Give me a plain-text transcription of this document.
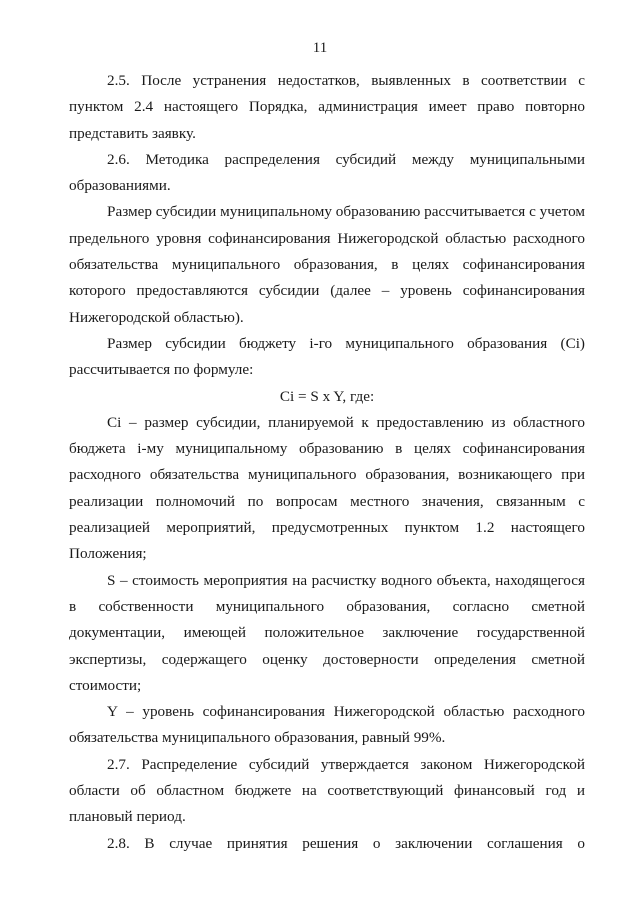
11

2.5. После устранения недостатков, выявленных в соответствии с пунктом 2.4 настоящего Порядка, администрация имеет право повторно представить заявку.

2.6. Методика распределения субсидий между муниципальными образованиями.

Размер субсидии муниципальному образованию рассчитывается с учетом предельного уровня софинансирования Нижегородской областью расходного обязательства муниципального образования, в целях софинансирования которого предоставляются субсидии (далее – уровень софинансирования Нижегородской областью).

Размер субсидии бюджету i-го муниципального образования (Ci) рассчитывается по формуле:

Ci = S x Y, где:

Ci – размер субсидии, планируемой к предоставлению из областного бюджета i-му муниципальному образованию в целях софинансирования расходного обязательства муниципального образования, возникающего при реализации полномочий по вопросам местного значения, связанным с реализацией мероприятий, предусмотренных пунктом 1.2 настоящего Положения;

S – стоимость мероприятия на расчистку водного объекта, находящегося в собственности муниципального образования, согласно сметной документации, имеющей положительное заключение государственной экспертизы, содержащего оценку достоверности определения сметной стоимости;

Y – уровень софинансирования Нижегородской областью расходного обязательства муниципального образования, равный 99%.

2.7. Распределение субсидий утверждается законом Нижегородской области об областном бюджете на соответствующий финансовый год и плановый период.

2.8. В случае принятия решения о заключении соглашения о
